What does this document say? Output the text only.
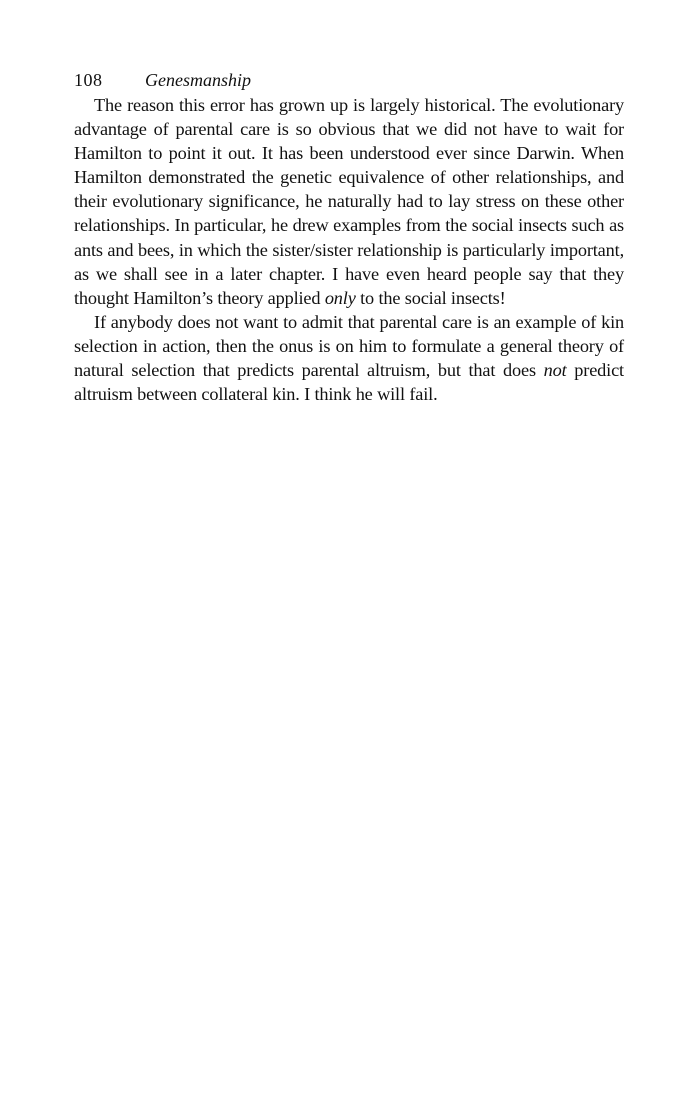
108 Genesmanship

The reason this error has grown up is largely historical. The evolutionary advantage of parental care is so obvious that we did not have to wait for Hamilton to point it out. It has been understood ever since Darwin. When Hamilton demonstrated the genetic equivalence of other relationships, and their evolutionary significance, he naturally had to lay stress on these other relationships. In particular, he drew examples from the social insects such as ants and bees, in which the sister/sister relationship is particularly important, as we shall see in a later chapter. I have even heard people say that they thought Hamilton’s theory applied only to the social insects!

If anybody does not want to admit that parental care is an example of kin selection in action, then the onus is on him to formulate a general theory of natural selection that predicts parental altruism, but that does not predict altruism between collateral kin. I think he will fail.
